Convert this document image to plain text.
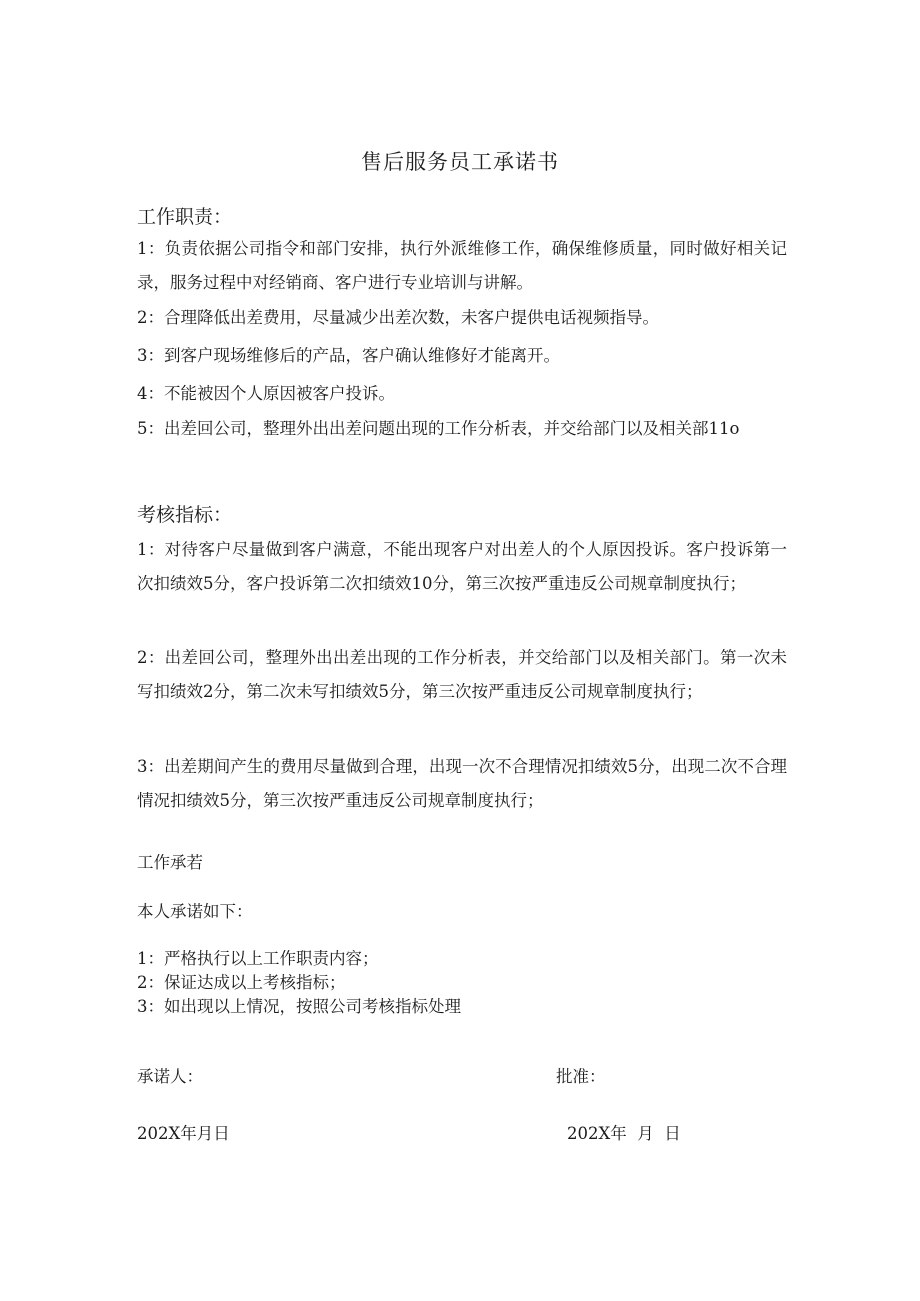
售后服务员工承诺书
工作职责：
1：负责依据公司指令和部门安排，执行外派维修工作，确保维修质量，同时做好相关记录，服务过程中对经销商、客户进行专业培训与讲解。
2：合理降低出差费用，尽量减少出差次数，未客户提供电话视频指导。
3：到客户现场维修后的产品，客户确认维修好才能离开。
4：不能被因个人原因被客户投诉。
5：出差回公司，整理外出出差问题出现的工作分析表，并交给部门以及相关部11o
考核指标：
1：对待客户尽量做到客户满意，不能出现客户对出差人的个人原因投诉。客户投诉第一次扣绩效5分，客户投诉第二次扣绩效10分，第三次按严重违反公司规章制度执行；
2：出差回公司，整理外出出差出现的工作分析表，并交给部门以及相关部门。第一次未写扣绩效2分，第二次未写扣绩效5分，第三次按严重违反公司规章制度执行；
3：出差期间产生的费用尽量做到合理，出现一次不合理情况扣绩效5分，出现二次不合理情况扣绩效5分，第三次按严重违反公司规章制度执行；
工作承若
本人承诺如下：
1：严格执行以上工作职责内容；
2：保证达成以上考核指标；
3：如出现以上情况，按照公司考核指标处理
承诺人：	批准：
202X年月日	202X年  月  日
